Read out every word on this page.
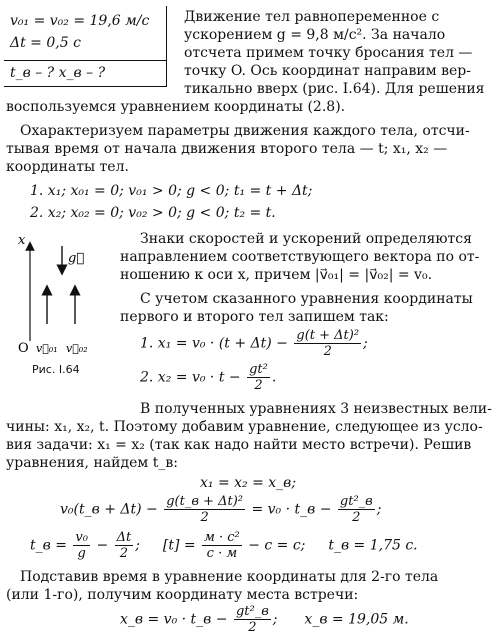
v₀₁ = v₀₂ = 19,6 м/с
Δt = 0,5 с
t_в – ? x_в – ?
Движение тел равнопеременное с
ускорением g = 9,8 м/с². За начало
отсчета примем точку бросания тел —
точку O. Ось координат направим вер-
тикально вверх (рис. I.64). Для решения
воспользуемся уравнением координаты (2.8).
Охарактеризуем параметры движения каждого тела, отсчи-
тывая время от начала движения второго тела — t; x₁, x₂ —
координаты тел.
1. x₁; x₀₁ = 0; v₀₁ > 0; g < 0; t₁ = t + Δt;
2. x₂; x₀₂ = 0; v₀₂ > 0; g < 0; t₂ = t.
x
g⃗
O v⃗₀₁ v⃗₀₂
Рис. I.64
Знаки скоростей и ускорений определяются
направлением соответствующего вектора по от-
ношению к оси x, причем |v⃗₀₁| = |v⃗₀₂| = v₀.
С учетом сказанного уравнения координаты
первого и второго тел запишем так:
1. $x_1 = v_0 \cdot (t + \Delta t) - \frac{\text{g(t + Δt)²}}{2}$ ;
2. $x_2 = v_0 \cdot t - \frac{\text{gt²}}{2}$ .
В полученных уравнениях 3 неизвестных вели-
чины: x₁, x₂, t. Поэтому добавим уравнение, следующее из усло-
вия задачи: x₁ = x₂ (так как надо найти место встречи). Решив
уравнения, найдем t_в:
x₁ = x₂ = x_в;
v₀(t_в + $\Delta t) - \frac{\text{g(t\_в + Δt)²}}{2} = v_0$ · t_в − $\frac{\text{gt²\_в}}{2}$ ;
t_в = $\frac{\text{v₀}}{g} - \frac{\Delta t}{2}$ ; $[t] = \frac{\text{м · с²}}{с \cdot м} - с = с$; t_в = 1,75 с.
Подставив время в уравнение координаты для 2-го тела
(или 1-го), получим координату места встречи:
x_в = v₀ · t_в − $\frac{\text{gt²\_в}}{2}$ ; x_в = 19,05 м.
